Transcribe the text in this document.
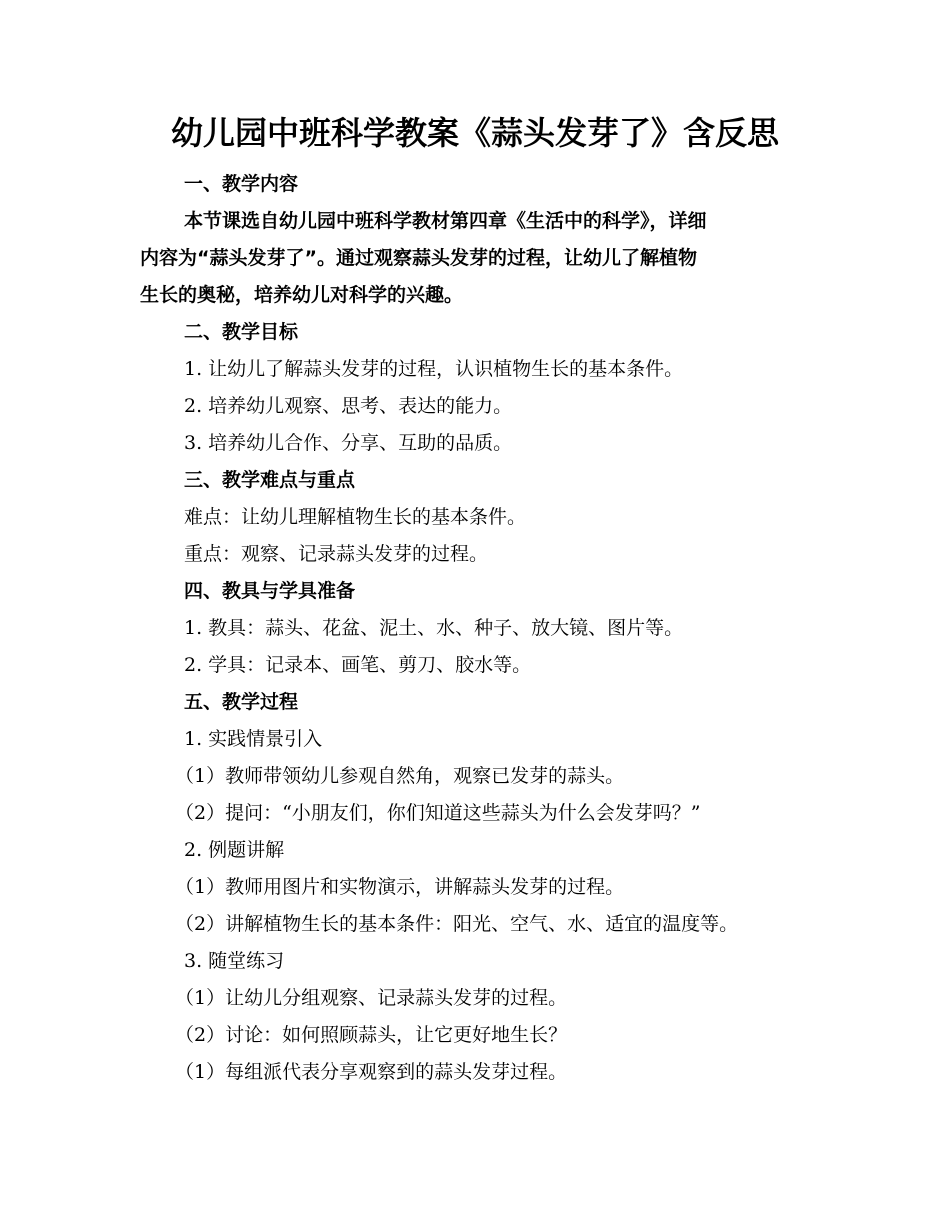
幼儿园中班科学教案《蒜头发芽了》含反思
一、教学内容
本节课选自幼儿园中班科学教材第四章《生活中的科学》，详细
内容为“蒜头发芽了”。通过观察蒜头发芽的过程，让幼儿了解植物
生长的奥秘，培养幼儿对科学的兴趣。
二、教学目标
1. 让幼儿了解蒜头发芽的过程，认识植物生长的基本条件。
2. 培养幼儿观察、思考、表达的能力。
3. 培养幼儿合作、分享、互助的品质。
三、教学难点与重点
难点：让幼儿理解植物生长的基本条件。
重点：观察、记录蒜头发芽的过程。
四、教具与学具准备
1. 教具：蒜头、花盆、泥土、水、种子、放大镜、图片等。
2. 学具：记录本、画笔、剪刀、胶水等。
五、教学过程
1. 实践情景引入
（1）教师带领幼儿参观自然角，观察已发芽的蒜头。
（2）提问：“小朋友们，你们知道这些蒜头为什么会发芽吗？”
2. 例题讲解
（1）教师用图片和实物演示，讲解蒜头发芽的过程。
（2）讲解植物生长的基本条件：阳光、空气、水、适宜的温度等。
3. 随堂练习
（1）让幼儿分组观察、记录蒜头发芽的过程。
（2）讨论：如何照顾蒜头，让它更好地生长？
（1）每组派代表分享观察到的蒜头发芽过程。
